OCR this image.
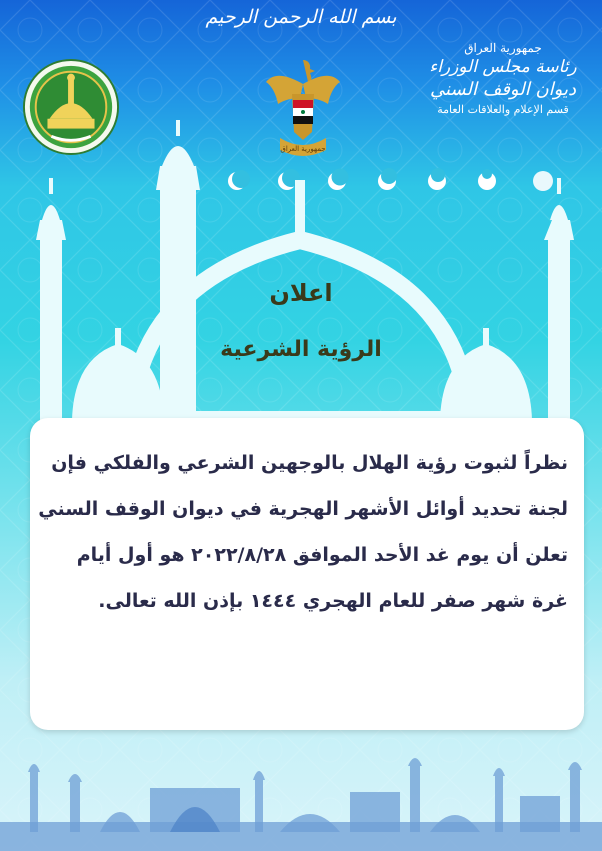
بسم الله الرحمن الرحيم
جمهورية العراق
جمهورية العراق
رئاسة مجلس الوزراء
ديوان الوقف السني
قسم الإعلام والعلاقات العامة
اعلان
الرؤية الشرعية
نظراً لثبوت رؤية الهلال بالوجهين الشرعي والفلكي فإن
لجنة تحديد أوائل الأشهر الهجرية في ديوان الوقف السني
تعلن أن يوم غد الأحد الموافق ٢٠٢٢/٨/٢٨ هو أول أيام
غرة شهر صفر للعام الهجري ١٤٤٤ بإذن الله تعالى.
